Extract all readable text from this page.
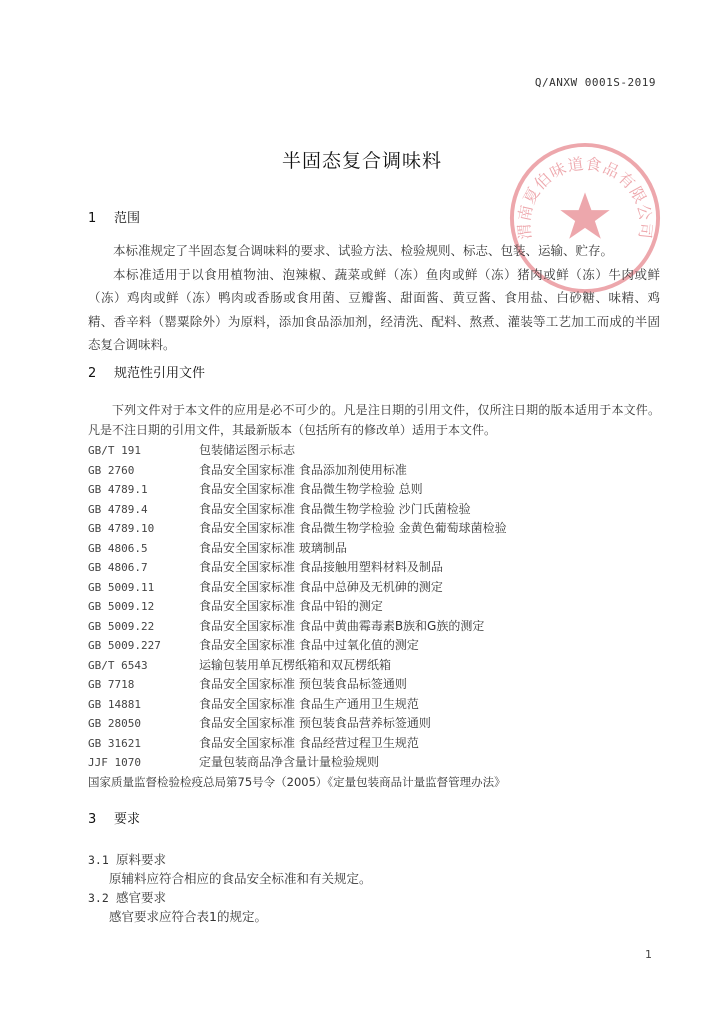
Q/ANXW 0001S-2019
渭南夏伯味道食品有限公司
半固态复合调味料
1 范围

本标准规定了半固态复合调味料的要求、试验方法、检验规则、标志、包装、运输、贮存。

本标准适用于以食用植物油、泡辣椒、蔬菜或鲜（冻）鱼肉或鲜（冻）猪肉或鲜（冻）牛肉或鲜（冻）鸡肉或鲜（冻）鸭肉或香肠或食用菌、豆瓣酱、甜面酱、黄豆酱、食用盐、白砂糖、味精、鸡精、香辛料（罂粟除外）为原料，添加食品添加剂，经清洗、配料、熬煮、灌装等工艺加工而成的半固态复合调味料。

2 规范性引用文件

下列文件对于本文件的应用是必不可少的。凡是注日期的引用文件，仅所注日期的版本适用于本文件。凡是不注日期的引用文件，其最新版本（包括所有的修改单）适用于本文件。

GB/T 191	包装储运图示标志
GB 2760	食品安全国家标准 食品添加剂使用标准
GB 4789.1	食品安全国家标准 食品微生物学检验 总则
GB 4789.4	食品安全国家标准 食品微生物学检验 沙门氏菌检验
GB 4789.10	食品安全国家标准 食品微生物学检验 金黄色葡萄球菌检验
GB 4806.5	食品安全国家标准 玻璃制品
GB 4806.7	食品安全国家标准 食品接触用塑料材料及制品
GB 5009.11	食品安全国家标准 食品中总砷及无机砷的测定
GB 5009.12	食品安全国家标准 食品中铅的测定
GB 5009.22	食品安全国家标准 食品中黄曲霉毒素B族和G族的测定
GB 5009.227	食品安全国家标准 食品中过氧化值的测定
GB/T 6543	运输包装用单瓦楞纸箱和双瓦楞纸箱
GB 7718	食品安全国家标准 预包装食品标签通则
GB 14881	食品安全国家标准 食品生产通用卫生规范
GB 28050	食品安全国家标准 预包装食品营养标签通则
GB 31621	食品安全国家标准 食品经营过程卫生规范
JJF 1070	定量包装商品净含量计量检验规则
国家质量监督检验检疫总局第75号令（2005）《定量包装商品计量监督管理办法》
3 要求
3.1 原料要求
原辅料应符合相应的食品安全标准和有关规定。
3.2 感官要求
感官要求应符合表1的规定。
1
